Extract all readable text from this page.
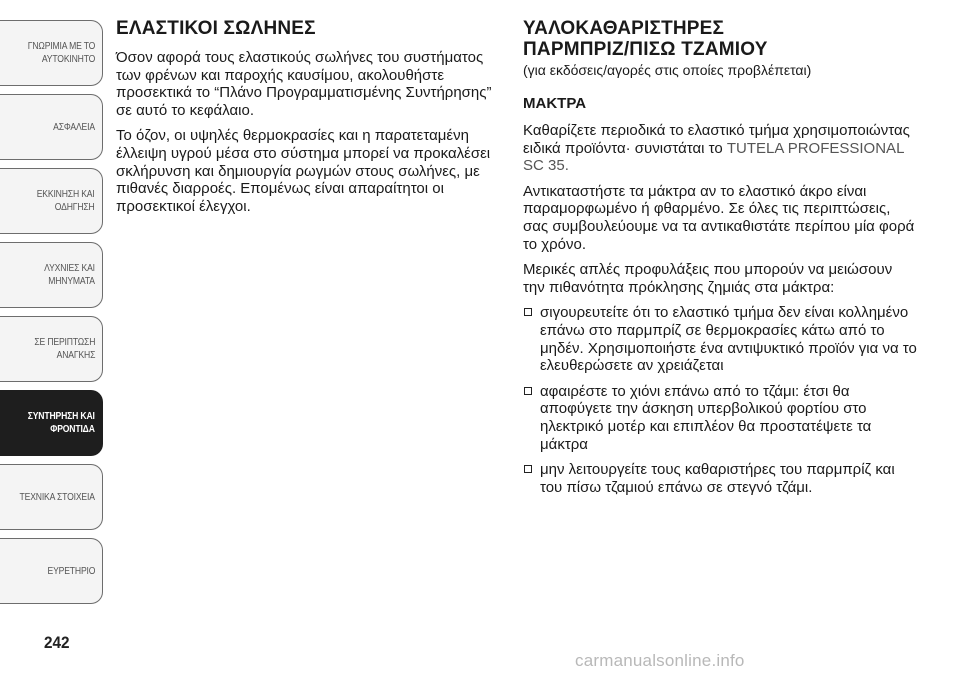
ΓΝΩΡΙΜΙΑ ΜΕ ΤΟ
ΑΥΤΟΚΙΝΗΤΟ
ΑΣΦΑΛΕΙΑ
ΕΚΚΙΝΗΣΗ ΚΑΙ
ΟΔΗΓΗΣΗ
ΛΥΧΝΙΕΣ ΚΑΙ
ΜΗΝΥΜΑΤΑ
ΣΕ ΠΕΡΙΠΤΩΣΗ
ΑΝΑΓΚΗΣ
ΣΥΝΤΗΡΗΣΗ ΚΑΙ
ΦΡΟΝΤΙΔΑ
ΤΕΧΝΙΚΑ ΣΤΟΙΧΕΙΑ
ΕΥΡΕΤΗΡΙΟ
242
ΕΛΑΣΤΙΚΟΙ ΣΩΛΗΝΕΣ

Όσον αφορά τους ελαστικούς σωλήνες του συστήματος των φρένων και παροχής καυσίμου, ακολουθήστε προσεκτικά το “Πλάνο Προγραμματισμένης Συντήρησης” σε αυτό το κεφάλαιο.

Το όζον, οι υψηλές θερμοκρασίες και η παρατεταμένη έλλειψη υγρού μέσα στο σύστημα μπορεί να προκαλέσει σκλήρυνση και δημιουργία ρωγμών στους σωλήνες, με πιθανές διαρροές. Επομένως είναι απαραίτητοι οι προσεκτικοί έλεγχοι.

ΥΑΛΟΚΑΘΑΡΙΣΤΗΡΕΣ
ΠΑΡΜΠΡΙΖ/ΠΙΣΩ ΤΖΑΜΙΟΥ

(για εκδόσεις/αγορές στις οποίες προβλέπεται)

ΜΑΚΤΡΑ

Καθαρίζετε περιοδικά το ελαστικό τμήμα χρησιμοποιώντας ειδικά προϊόντα· συνιστάται το TUTELA PROFESSIONAL SC 35.

Αντικαταστήστε τα μάκτρα αν το ελαστικό άκρο είναι παραμορφωμένο ή φθαρμένο. Σε όλες τις περιπτώσεις, σας συμβουλεύουμε να τα αντικαθιστάτε περίπου μία φορά το χρόνο.

Μερικές απλές προφυλάξεις που μπορούν να μειώσουν την πιθανότητα πρόκλησης ζημιάς στα μάκτρα:

σιγουρευτείτε ότι το ελαστικό τμήμα δεν είναι κολλημένο επάνω στο παρμπρίζ σε θερμοκρασίες κάτω από το μηδέν. Χρησιμοποιήστε ένα αντιψυκτικό προϊόν για να το ελευθερώσετε αν χρειάζεται
αφαιρέστε το χιόνι επάνω από το τζάμι: έτσι θα αποφύγετε την άσκηση υπερβολικού φορτίου στο ηλεκτρικό μοτέρ και επιπλέον θα προστατέψετε τα μάκτρα
μην λειτουργείτε τους καθαριστήρες του παρμπρίζ και του πίσω τζαμιού επάνω σε στεγνό τζάμι.
carmanualsonline.info
